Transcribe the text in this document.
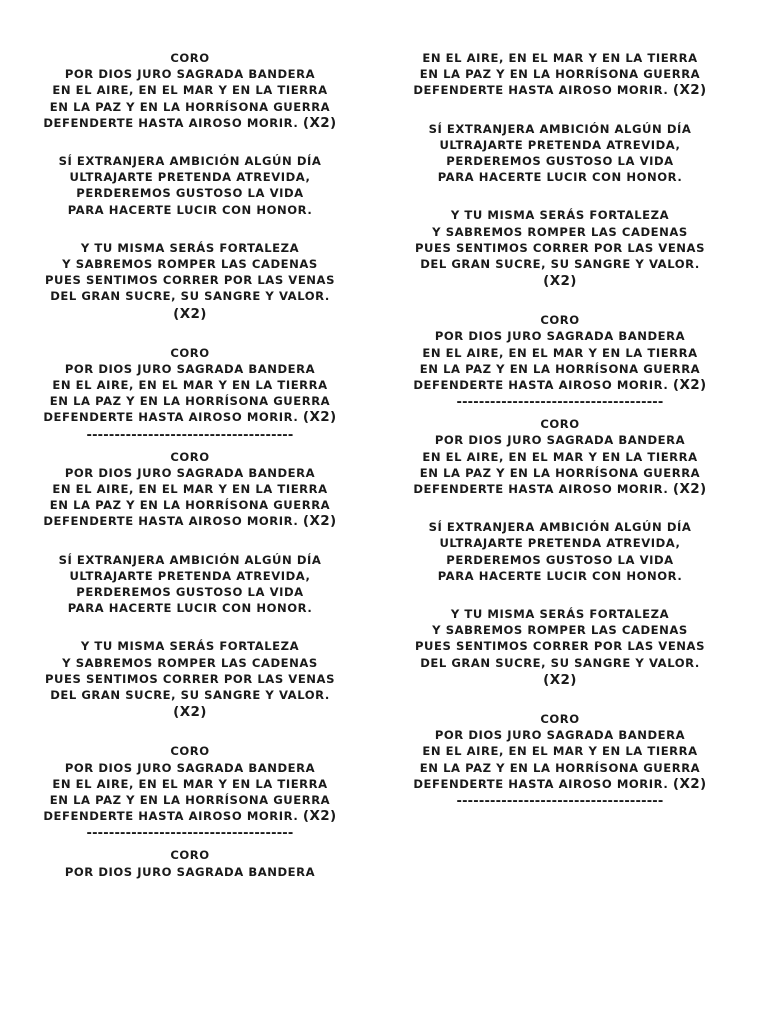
CORO
POR DIOS JURO SAGRADA BANDERA
EN EL AIRE, EN EL MAR Y EN LA TIERRA
EN LA PAZ Y EN LA HORRÍSONA GUERRA
DEFENDERTE HASTA AIROSO MORIR. (X2)
SÍ EXTRANJERA AMBICIÓN ALGÚN DÍA
ULTRAJARTE PRETENDA ATREVIDA,
PERDEREMOS GUSTOSO LA VIDA
PARA HACERTE LUCIR CON HONOR.
Y TU MISMA SERÁS FORTALEZA
Y SABREMOS ROMPER LAS CADENAS
PUES SENTIMOS CORRER POR LAS VENAS
DEL GRAN SUCRE, SU SANGRE Y VALOR.
(X2)
CORO
POR DIOS JURO SAGRADA BANDERA
EN EL AIRE, EN EL MAR Y EN LA TIERRA
EN LA PAZ Y EN LA HORRÍSONA GUERRA
DEFENDERTE HASTA AIROSO MORIR. (X2)
-------------------------------------
CORO
POR DIOS JURO SAGRADA BANDERA
EN EL AIRE, EN EL MAR Y EN LA TIERRA
EN LA PAZ Y EN LA HORRÍSONA GUERRA
DEFENDERTE HASTA AIROSO MORIR. (X2)
SÍ EXTRANJERA AMBICIÓN ALGÚN DÍA
ULTRAJARTE PRETENDA ATREVIDA,
PERDEREMOS GUSTOSO LA VIDA
PARA HACERTE LUCIR CON HONOR.
Y TU MISMA SERÁS FORTALEZA
Y SABREMOS ROMPER LAS CADENAS
PUES SENTIMOS CORRER POR LAS VENAS
DEL GRAN SUCRE, SU SANGRE Y VALOR.
(X2)
CORO
POR DIOS JURO SAGRADA BANDERA
EN EL AIRE, EN EL MAR Y EN LA TIERRA
EN LA PAZ Y EN LA HORRÍSONA GUERRA
DEFENDERTE HASTA AIROSO MORIR. (X2)
-------------------------------------
CORO
POR DIOS JURO SAGRADA BANDERA
EN EL AIRE, EN EL MAR Y EN LA TIERRA
EN LA PAZ Y EN LA HORRÍSONA GUERRA
DEFENDERTE HASTA AIROSO MORIR. (X2)
SÍ EXTRANJERA AMBICIÓN ALGÚN DÍA
ULTRAJARTE PRETENDA ATREVIDA,
PERDEREMOS GUSTOSO LA VIDA
PARA HACERTE LUCIR CON HONOR.
Y TU MISMA SERÁS FORTALEZA
Y SABREMOS ROMPER LAS CADENAS
PUES SENTIMOS CORRER POR LAS VENAS
DEL GRAN SUCRE, SU SANGRE Y VALOR.
(X2)
CORO
POR DIOS JURO SAGRADA BANDERA
EN EL AIRE, EN EL MAR Y EN LA TIERRA
EN LA PAZ Y EN LA HORRÍSONA GUERRA
DEFENDERTE HASTA AIROSO MORIR. (X2)
-------------------------------------
CORO
POR DIOS JURO SAGRADA BANDERA
EN EL AIRE, EN EL MAR Y EN LA TIERRA
EN LA PAZ Y EN LA HORRÍSONA GUERRA
DEFENDERTE HASTA AIROSO MORIR. (X2)
SÍ EXTRANJERA AMBICIÓN ALGÚN DÍA
ULTRAJARTE PRETENDA ATREVIDA,
PERDEREMOS GUSTOSO LA VIDA
PARA HACERTE LUCIR CON HONOR.
Y TU MISMA SERÁS FORTALEZA
Y SABREMOS ROMPER LAS CADENAS
PUES SENTIMOS CORRER POR LAS VENAS
DEL GRAN SUCRE, SU SANGRE Y VALOR.
(X2)
CORO
POR DIOS JURO SAGRADA BANDERA
EN EL AIRE, EN EL MAR Y EN LA TIERRA
EN LA PAZ Y EN LA HORRÍSONA GUERRA
DEFENDERTE HASTA AIROSO MORIR. (X2)
-------------------------------------
